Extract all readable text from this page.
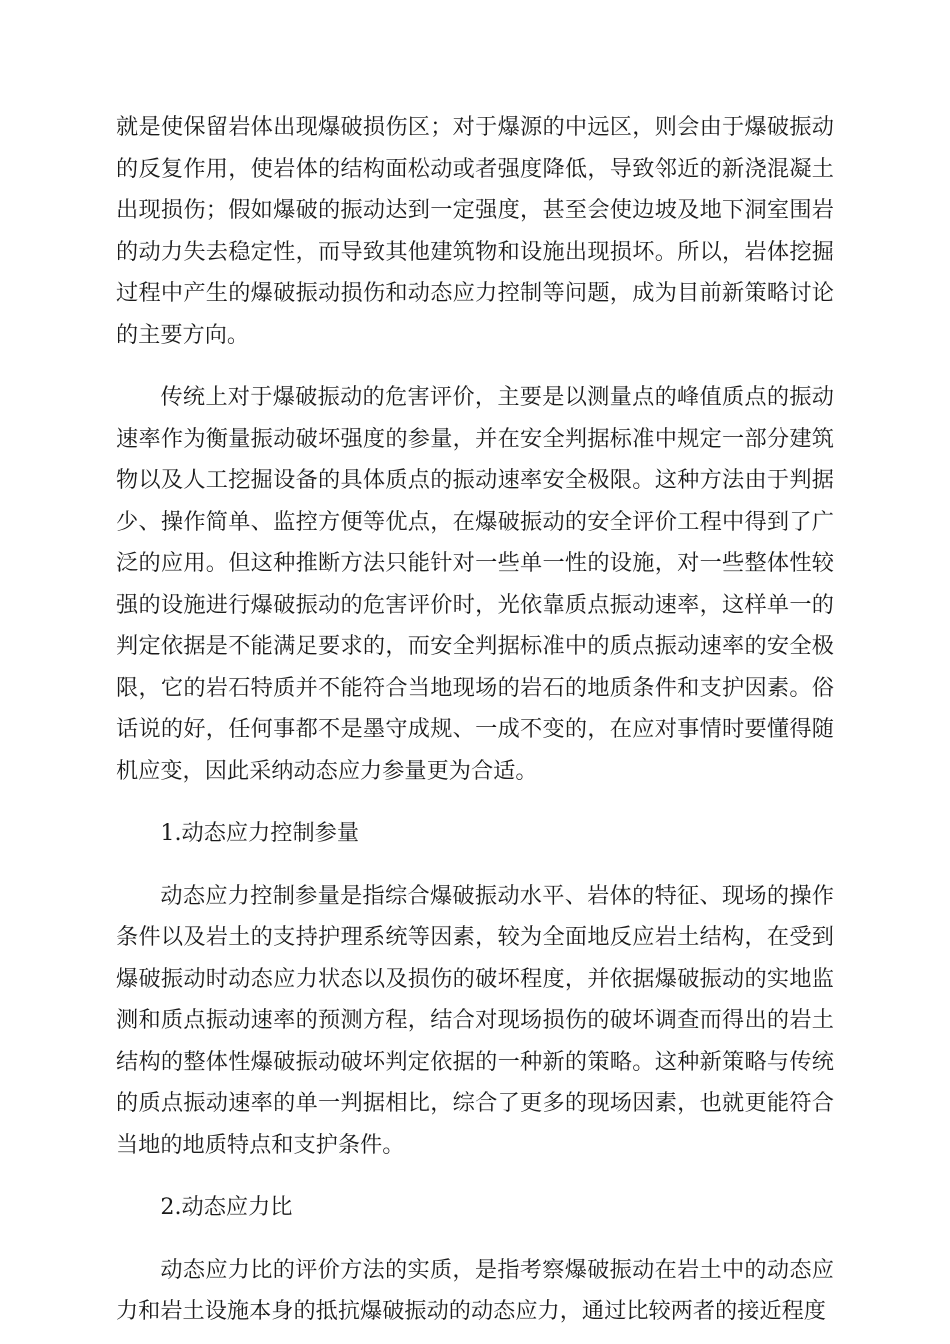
就是使保留岩体出现爆破损伤区；对于爆源的中远区，则会由于爆破振动的反复作用，使岩体的结构面松动或者强度降低，导致邻近的新浇混凝土出现损伤；假如爆破的振动达到一定强度，甚至会使边坡及地下洞室围岩的动力失去稳定性，而导致其他建筑物和设施出现损坏。所以，岩体挖掘过程中产生的爆破振动损伤和动态应力控制等问题，成为目前新策略讨论的主要方向。

传统上对于爆破振动的危害评价，主要是以测量点的峰值质点的振动速率作为衡量振动破坏强度的参量，并在安全判据标准中规定一部分建筑物以及人工挖掘设备的具体质点的振动速率安全极限。这种方法由于判据少、操作简单、监控方便等优点，在爆破振动的安全评价工程中得到了广泛的应用。但这种推断方法只能针对一些单一性的设施，对一些整体性较强的设施进行爆破振动的危害评价时，光依靠质点振动速率，这样单一的判定依据是不能满足要求的，而安全判据标准中的质点振动速率的安全极限，它的岩石特质并不能符合当地现场的岩石的地质条件和支护因素。俗话说的好，任何事都不是墨守成规、一成不变的，在应对事情时要懂得随机应变，因此采纳动态应力参量更为合适。

1.动态应力控制参量

动态应力控制参量是指综合爆破振动水平、岩体的特征、现场的操作条件以及岩土的支持护理系统等因素，较为全面地反应岩土结构，在受到爆破振动时动态应力状态以及损伤的破坏程度，并依据爆破振动的实地监测和质点振动速率的预测方程，结合对现场损伤的破坏调查而得出的岩土结构的整体性爆破振动破坏判定依据的一种新的策略。这种新策略与传统的质点振动速率的单一判据相比，综合了更多的现场因素，也就更能符合当地的地质特点和支护条件。

2.动态应力比

动态应力比的评价方法的实质，是指考察爆破振动在岩土中的动态应力和岩土设施本身的抵抗爆破振动的动态应力，通过比较两者的接近程度
